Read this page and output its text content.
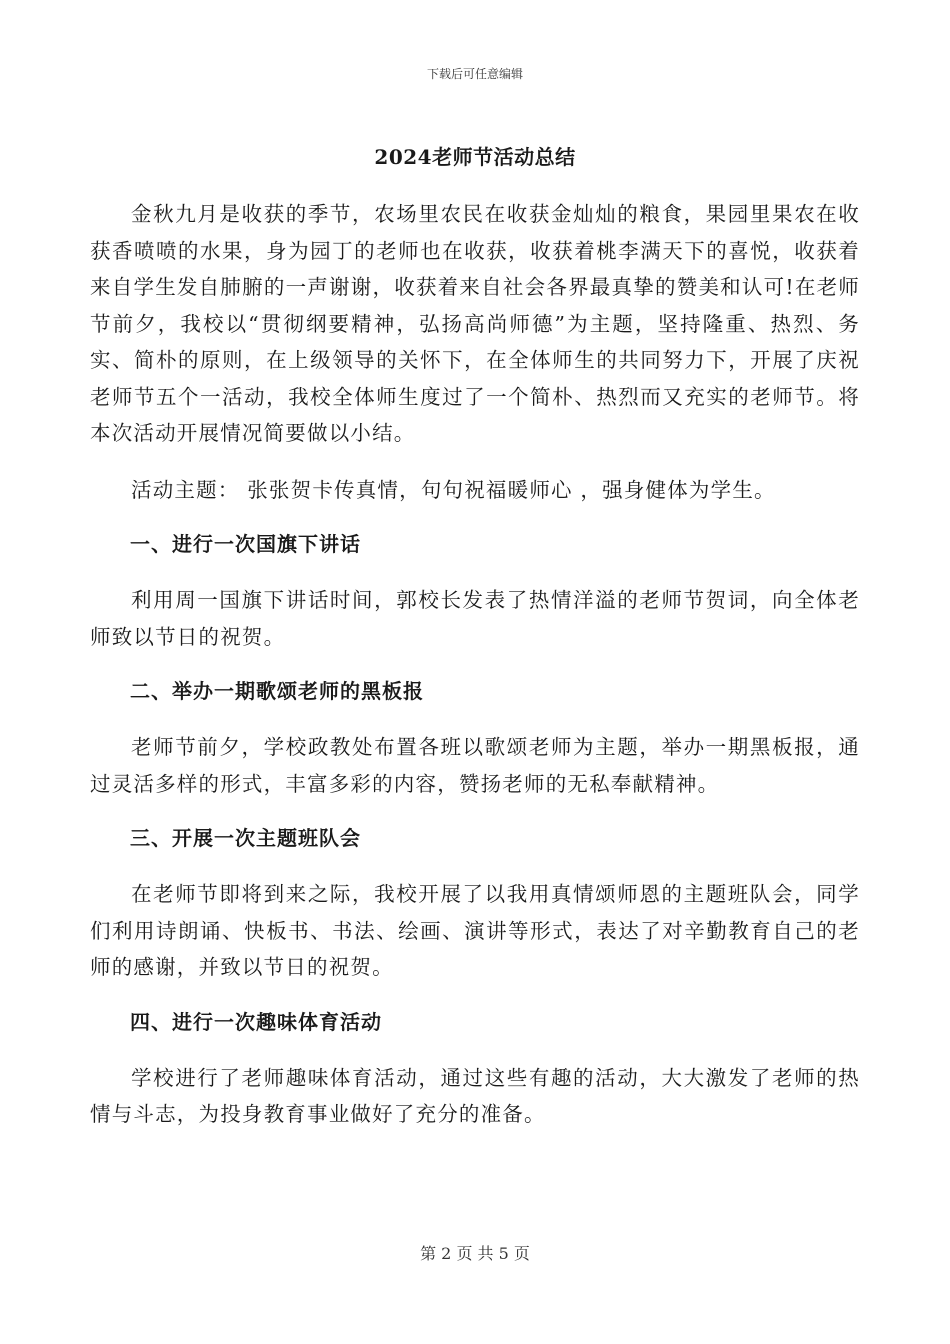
下载后可任意编辑
2024老师节活动总结

金秋九月是收获的季节，农场里农民在收获金灿灿的粮食，果园里果农在收获香喷喷的水果，身为园丁的老师也在收获，收获着桃李满天下的喜悦，收获着来自学生发自肺腑的一声谢谢，收获着来自社会各界最真挚的赞美和认可!在老师节前夕，我校以“贯彻纲要精神，弘扬高尚师德”为主题，坚持隆重、热烈、务实、简朴的原则，在上级领导的关怀下，在全体师生的共同努力下，开展了庆祝老师节五个一活动，我校全体师生度过了一个简朴、热烈而又充实的老师节。将本次活动开展情况简要做以小结。

活动主题： 张张贺卡传真情，句句祝福暖师心 ，强身健体为学生。

一、进行一次国旗下讲话

利用周一国旗下讲话时间，郭校长发表了热情洋溢的老师节贺词，向全体老师致以节日的祝贺。

二、举办一期歌颂老师的黑板报

老师节前夕，学校政教处布置各班以歌颂老师为主题，举办一期黑板报，通过灵活多样的形式，丰富多彩的内容，赞扬老师的无私奉献精神。

三、开展一次主题班队会

在老师节即将到来之际，我校开展了以我用真情颂师恩的主题班队会，同学们利用诗朗诵、快板书、书法、绘画、演讲等形式，表达了对辛勤教育自己的老师的感谢，并致以节日的祝贺。

四、进行一次趣味体育活动

学校进行了老师趣味体育活动，通过这些有趣的活动，大大激发了老师的热情与斗志，为投身教育事业做好了充分的准备。

第 2 页 共 5 页
